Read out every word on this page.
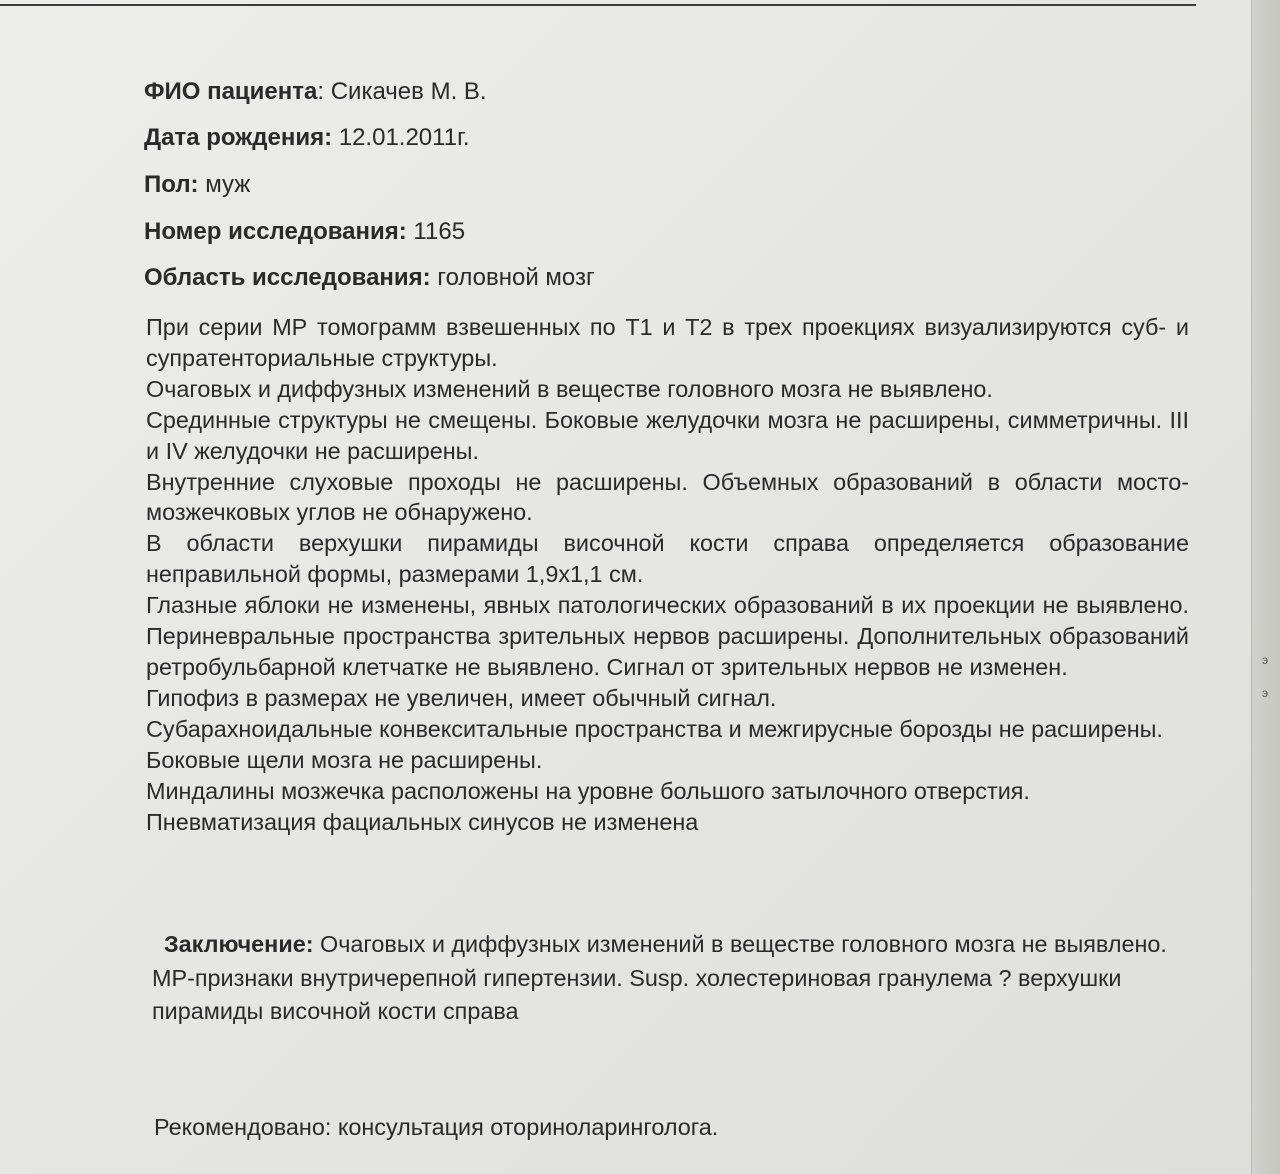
ФИО пациента: Сикачев М. В.
Дата рождения: 12.01.2011г.
Пол: муж
Номер исследования: 1165
Область исследования: головной мозг

При серии МР томограмм взвешенных по Т1 и Т2 в трех проекциях визуализируются суб- и супратенториальные структуры.

Очаговых и диффузных изменений в веществе головного мозга не выявлено.

Срединные структуры не смещены. Боковые желудочки мозга не расширены, симметричны. III и IV желудочки не расширены.

Внутренние слуховые проходы не расширены. Объемных образований в области мосто-мозжечковых углов не обнаружено.

В области верхушки пирамиды височной кости справа определяется образование неправильной формы, размерами 1,9х1,1 см.

Глазные яблоки не изменены, явных патологических образований в их проекции не выявлено. Периневральные пространства зрительных нервов расширены. Дополнительных образований ретробульбарной клетчатке не выявлено. Сигнал от зрительных нервов не изменен.

Гипофиз в размерах не увеличен, имеет обычный сигнал.

Субарахноидальные конвекситальные пространства и межгирусные борозды не расширены.

Боковые щели мозга не расширены.

Миндалины мозжечка расположены на уровне большого затылочного отверстия.

Пневматизация фациальных синусов не изменена

Заключение: Очаговых и диффузных изменений в веществе головного мозга не выявлено. МР-признаки внутричерепной гипертензии. Susp. холестериновая гранулема ? верхушки пирамиды височной кости справа
Рекомендовано: консультация оториноларинголога.
э
э
